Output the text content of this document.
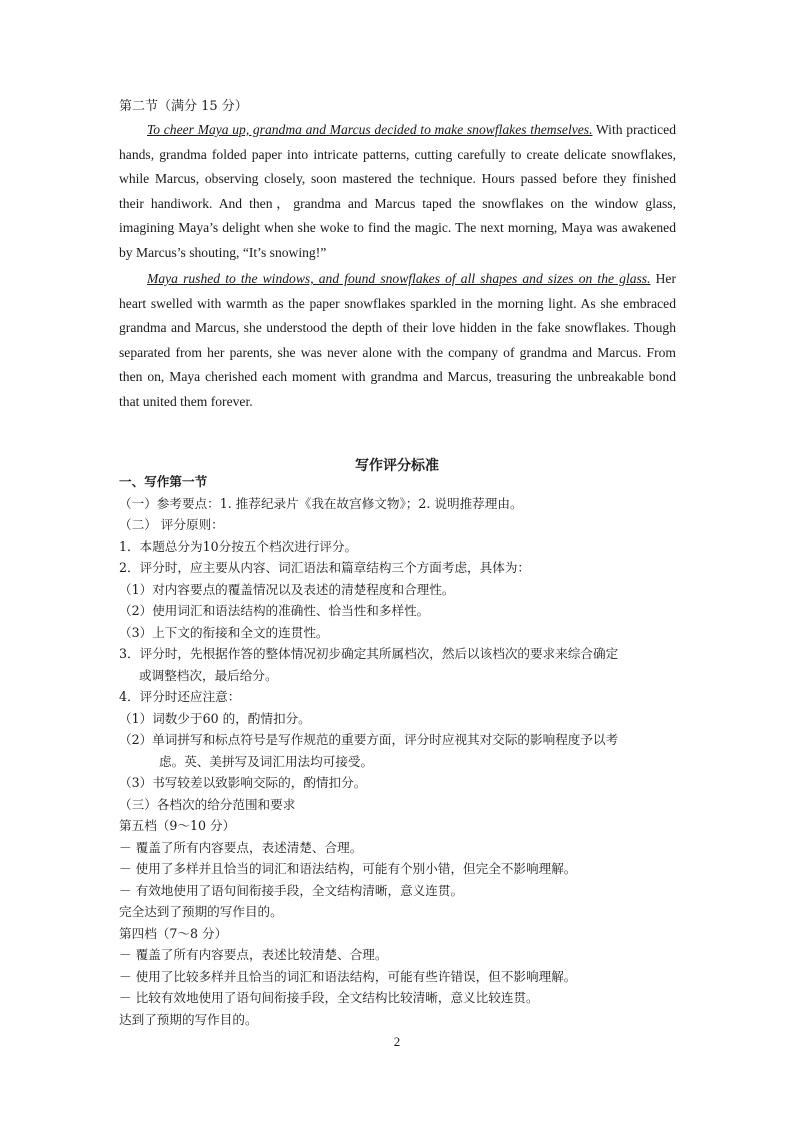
第二节（满分 15 分）

To cheer Maya up, grandma and Marcus decided to make snowflakes themselves. With practiced hands, grandma folded paper into intricate patterns, cutting carefully to create delicate snowflakes, while Marcus, observing closely, soon mastered the technique. Hours passed before they finished their handiwork. And then，grandma and Marcus taped the snowflakes on the window glass, imagining Maya’s delight when she woke to find the magic. The next morning, Maya was awakened by Marcus’s shouting, “It’s snowing!”

Maya rushed to the windows, and found snowflakes of all shapes and sizes on the glass. Her heart swelled with warmth as the paper snowflakes sparkled in the morning light. As she embraced grandma and Marcus, she understood the depth of their love hidden in the fake snowflakes. Though separated from her parents, she was never alone with the company of grandma and Marcus. From then on, Maya cherished each moment with grandma and Marcus, treasuring the unbreakable bond that united them forever.

写作评分标准
一、写作第一节
（一）参考要点：1. 推荐纪录片《我在故宫修文物》；2. 说明推荐理由。
（二） 评分原则：
1．本题总分为10分按五个档次进行评分。
2．评分时，应主要从内容、词汇语法和篇章结构三个方面考虑，具体为：
（1）对内容要点的覆盖情况以及表述的清楚程度和合理性。
（2）使用词汇和语法结构的准确性、恰当性和多样性。
（3）上下文的衔接和全文的连贯性。
3．评分时，先根据作答的整体情况初步确定其所属档次，然后以该档次的要求来综合确定
或调整档次，最后给分。
4．评分时还应注意：
（1）词数少于60 的，酌情扣分。
（2）单词拼写和标点符号是写作规范的重要方面，评分时应视其对交际的影响程度予以考
虑。英、美拼写及词汇用法均可接受。
（3）书写较差以致影响交际的，酌情扣分。
（三）各档次的给分范围和要求
第五档（9～10 分）
－ 覆盖了所有内容要点，表述清楚、合理。
－ 使用了多样并且恰当的词汇和语法结构，可能有个别小错，但完全不影响理解。
－ 有效地使用了语句间衔接手段，全文结构清晰，意义连贯。
完全达到了预期的写作目的。
第四档（7～8 分）
－ 覆盖了所有内容要点，表述比较清楚、合理。
－ 使用了比较多样并且恰当的词汇和语法结构，可能有些许错误，但不影响理解。
－ 比较有效地使用了语句间衔接手段，全文结构比较清晰，意义比较连贯。
达到了预期的写作目的。
2
